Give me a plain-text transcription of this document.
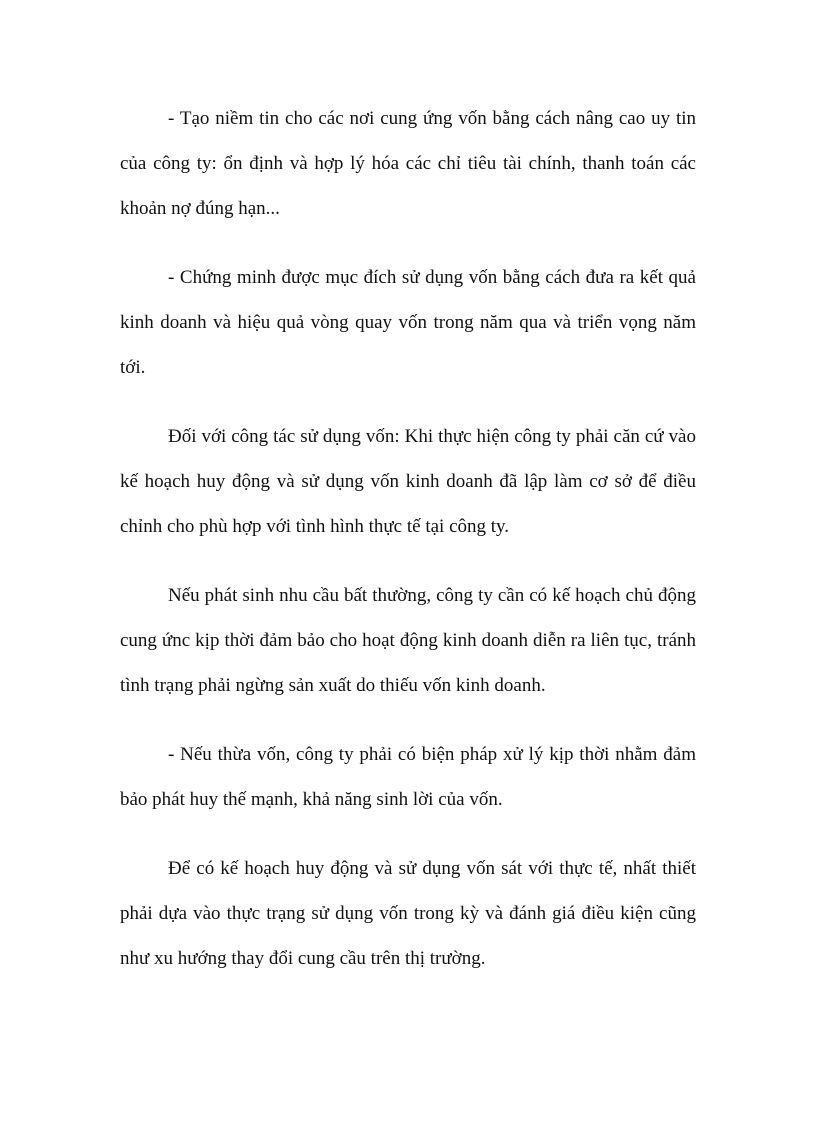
- Tạo niềm tin cho các nơi cung ứng vốn bằng cách nâng cao uy tin của công ty: ổn định và hợp lý hóa các chỉ tiêu tài chính, thanh toán các khoản nợ đúng hạn...

- Chứng minh được mục đích sử dụng vốn bằng cách đưa ra kết quả kinh doanh và hiệu quả vòng quay vốn trong năm qua và triển vọng năm tới.

Đối với công tác sử dụng vốn: Khi thực hiện công ty phải căn cứ vào kế hoạch huy động và sử dụng vốn kinh doanh đã lập làm cơ sở để điều chỉnh cho phù hợp với tình hình thực tế tại công ty.

Nếu phát sinh nhu cầu bất thường, công ty cần có kế hoạch chủ động cung ứnc kịp thời đảm bảo cho hoạt động kinh doanh diễn ra liên tục, tránh tình trạng phải ngừng sản xuất do thiếu vốn kinh doanh.

- Nếu thừa vốn, công ty phải có biện pháp xử lý kịp thời nhằm đảm bảo phát huy thế mạnh, khả năng sinh lời của vốn.

Để có kế hoạch huy động và sử dụng vốn sát với thực tế, nhất thiết phải dựa vào thực trạng sử dụng vốn trong kỳ và đánh giá điều kiện cũng như xu hướng thay đổi cung cầu trên thị trường.
